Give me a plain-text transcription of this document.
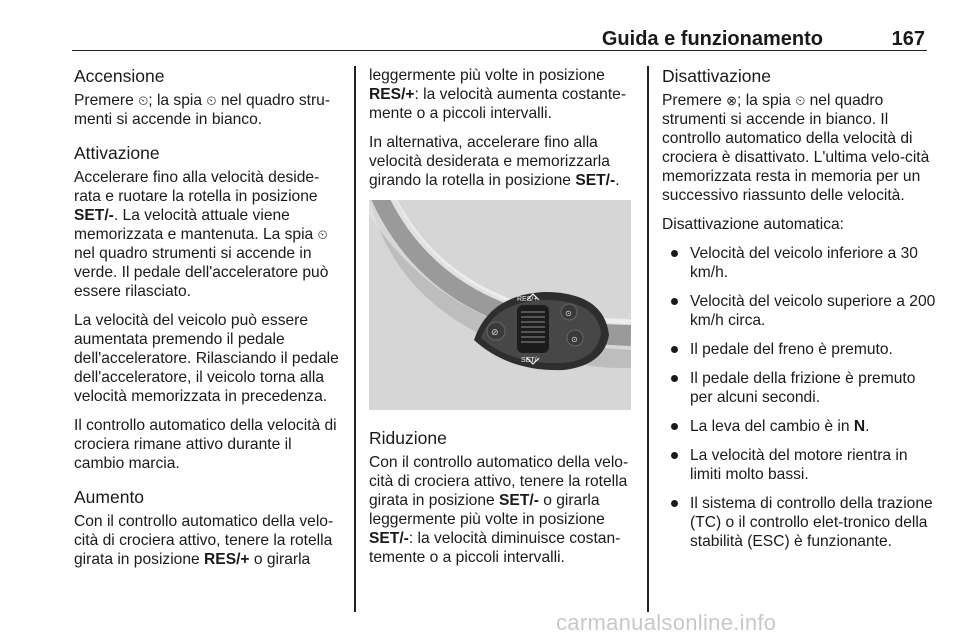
Guida e funzionamento	167
Accensione

Premere ⏲; la spia ⏲ nel quadro stru-menti si accende in bianco.

Attivazione

Accelerare fino alla velocità deside-rata e ruotare la rotella in posizione SET/-. La velocità attuale viene memorizzata e mantenuta. La spia ⏲ nel quadro strumenti si accende in verde. Il pedale dell'acceleratore può essere rilasciato.

La velocità del veicolo può essere aumentata premendo il pedale dell'acceleratore. Rilasciando il pedale dell'acceleratore, il veicolo torna alla velocità memorizzata in precedenza.

Il controllo automatico della velocità di crociera rimane attivo durante il cambio marcia.

Aumento

Con il controllo automatico della velo-cità di crociera attivo, tenere la rotella girata in posizione RES/+ o girarla

leggermente più volte in posizione RES/+: la velocità aumenta costante-mente o a piccoli intervalli.

In alternativa, accelerare fino alla velocità desiderata e memorizzarla girando la rotella in posizione SET/-.

RES/+
SET/-
⊘
⊙
⊙
Riduzione

Con il controllo automatico della velo-cità di crociera attivo, tenere la rotella girata in posizione SET/- o girarla leggermente più volte in posizione SET/-: la velocità diminuisce costan-temente o a piccoli intervalli.

Disattivazione

Premere ⊗; la spia ⏲ nel quadro strumenti si accende in bianco. Il controllo automatico della velocità di crociera è disattivato. L'ultima velo-cità memorizzata resta in memoria per un successivo riassunto delle velocità.

Disattivazione automatica:

Velocità del veicolo inferiore a 30 km/h.
Velocità del veicolo superiore a 200 km/h circa.
Il pedale del freno è premuto.
Il pedale della frizione è premuto per alcuni secondi.
La leva del cambio è in N.
La velocità del motore rientra in limiti molto bassi.
Il sistema di controllo della trazione (TC) o il controllo elet-tronico della stabilità (ESC) è funzionante.
carmanualsonline.info
